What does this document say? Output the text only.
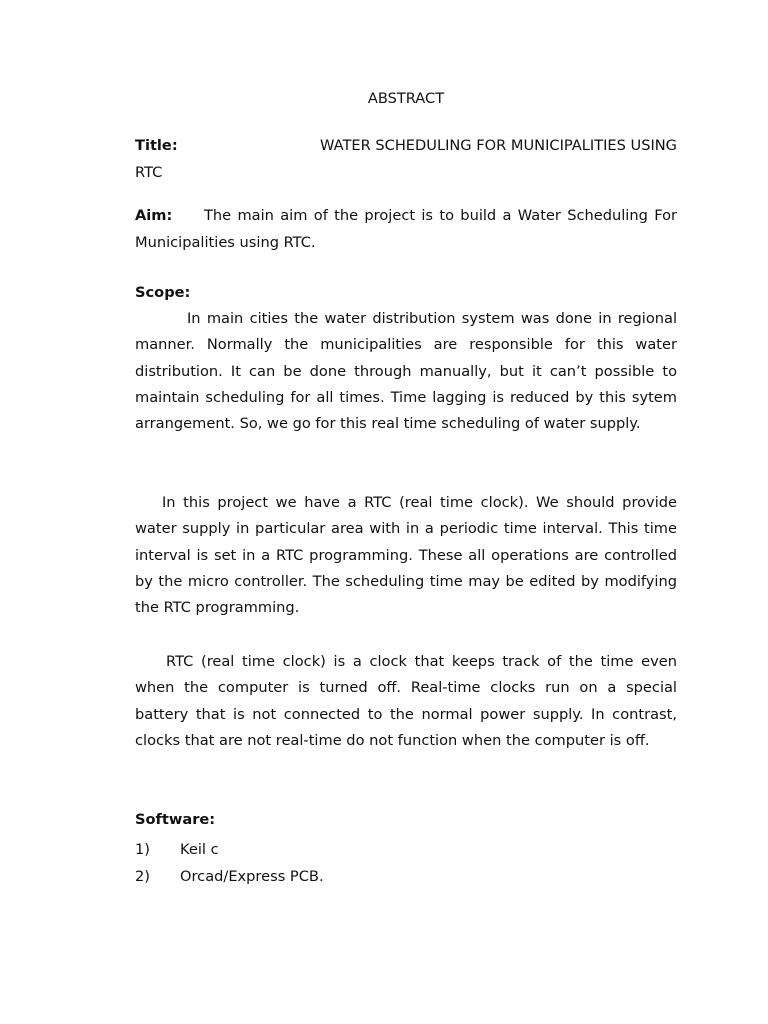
ABSTRACT
Title:	WATER SCHEDULING FOR MUNICIPALITIES USING
RTC
Aim: The main aim of the project is to build a Water Scheduling For Municipalities using RTC.
Scope:

In main cities the water distribution system was done in regional manner. Normally the municipalities are responsible for this water distribution. It can be done through manually, but it can’t possible to maintain scheduling for all times. Time lagging is reduced by this sytem arrangement. So, we go for this real time scheduling of water supply.

In this project we have a RTC (real time clock). We should provide water supply in particular area with in a periodic time interval. This time interval is set in a RTC programming. These all operations are controlled by the micro controller. The scheduling time may be edited by modifying the RTC programming.

RTC (real time clock) is a clock that keeps track of the time even when the computer is turned off. Real-time clocks run on a special battery that is not connected to the normal power supply. In contrast, clocks that are not real-time do not function when the computer is off.

Software:
1)	Keil c
2)	Orcad/Express PCB.
